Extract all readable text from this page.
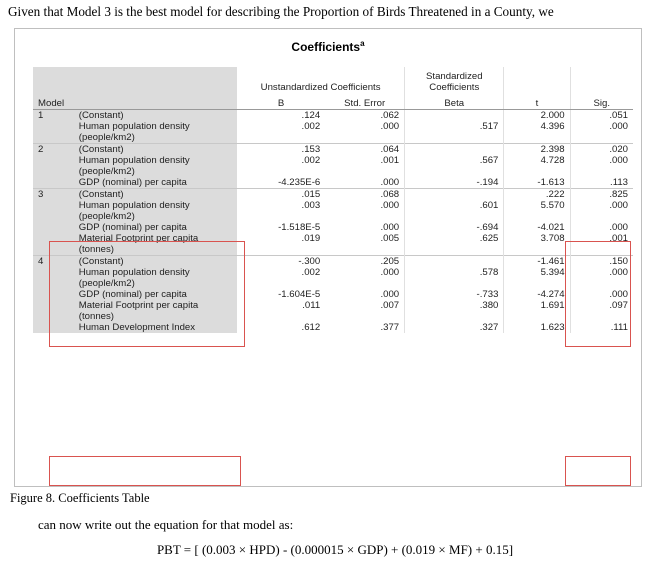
Given that Model 3 is the best model for describing the Proportion of Birds Threatened in a County, we
Coefficients$^a$
		Unstandardized Coefficients		Standardized Coefficients		
Model		B	Std. Error	Beta	t	Sig.
1	(Constant)	.124	.062		2.000	.051
	Human population density (people/km2)	.002	.000	.517	4.396	.000
2	(Constant)	.153	.064		2.398	.020
	Human population density (people/km2)	.002	.001	.567	4.728	.000
	GDP (nominal) per capita	-4.235E-6	.000	-.194	-1.613	.113
3	(Constant)	.015	.068		.222	.825
	Human population density (people/km2)	.003	.000	.601	5.570	.000
	GDP (nominal) per capita	-1.518E-5	.000	-.694	-4.021	.000
	Material Footprint per capita (tonnes)	.019	.005	.625	3.708	.001
4	(Constant)	-.300	.205		-1.461	.150
	Human population density (people/km2)	.002	.000	.578	5.394	.000
	GDP (nominal) per capita	-1.604E-5	.000	-.733	-4.274	.000
	Material Footprint per capita (tonnes)	.011	.007	.380	1.691	.097
	Human Development Index	.612	.377	.327	1.623	.111
Figure 8. Coefficients Table
can now write out the equation for that model as:
PBT = [ (0.003 × HPD) - (0.000015 × GDP) + (0.019 × MF) + 0.15]
